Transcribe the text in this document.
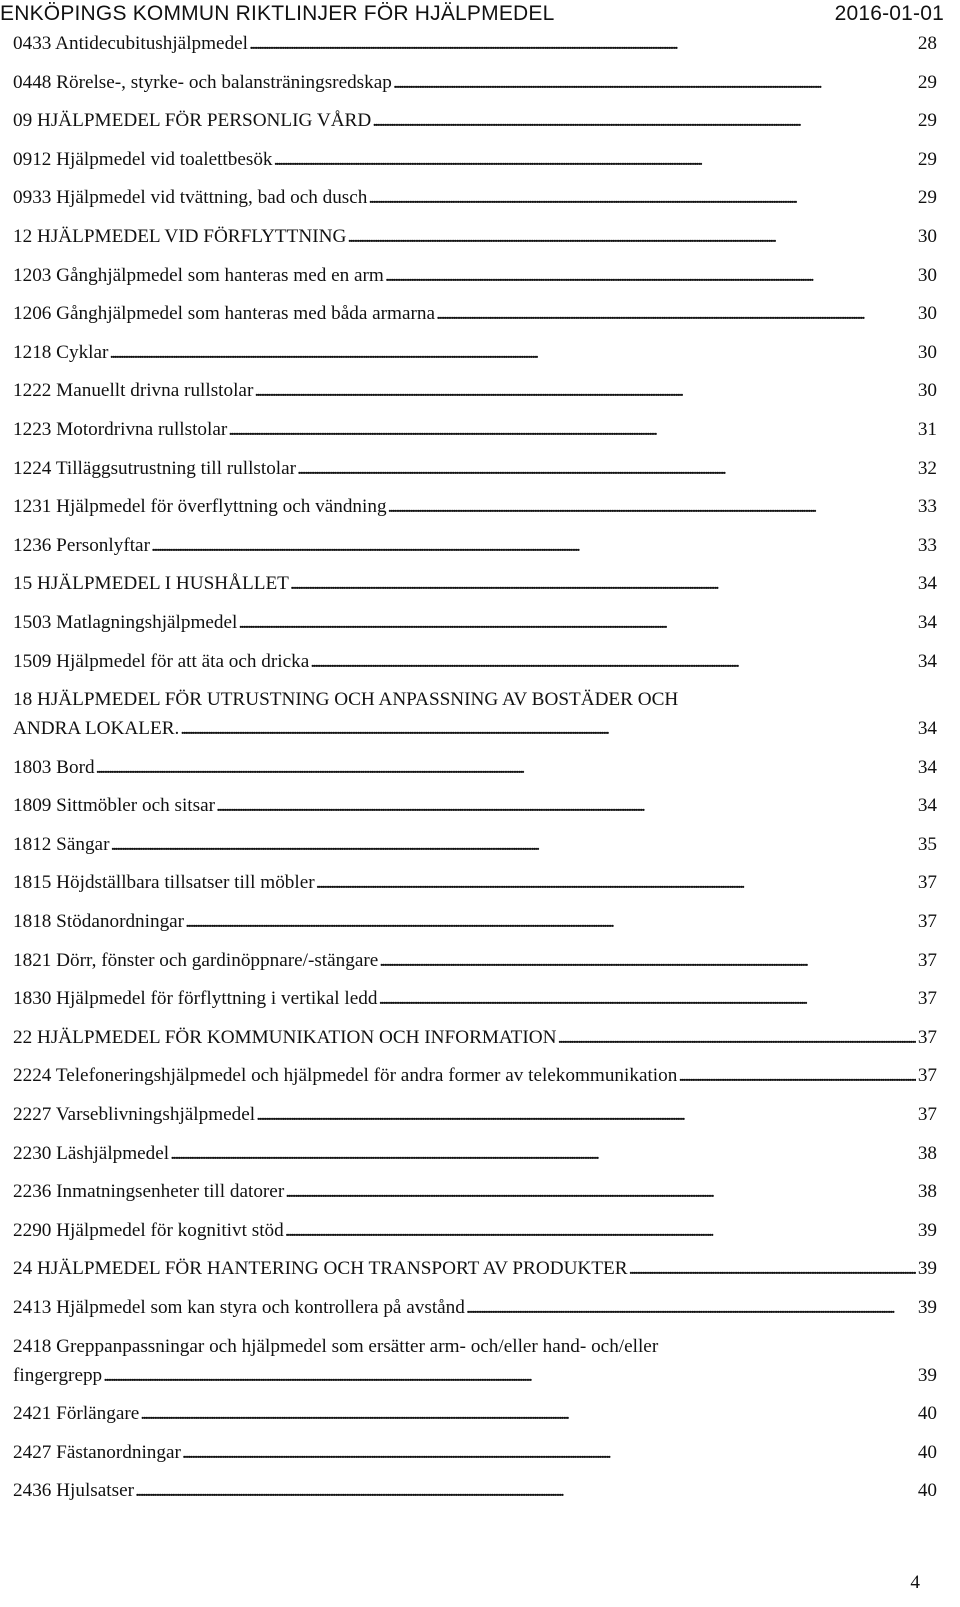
ENKÖPINGS KOMMUN RIKTLINJER FÖR HJÄLPMEDEL	2016-01-01
0433 Antidecubitushjälpmedel . . .	28
0448 Rörelse-, styrke- och balansträningsredskap . . .	29
09 HJÄLPMEDEL FÖR PERSONLIG VÅRD . . .	29
0912 Hjälpmedel vid toalettbesök . . .	29
0933 Hjälpmedel vid tvättning, bad och dusch . . .	29
12 HJÄLPMEDEL VID FÖRFLYTTNING . . .	30
1203 Gånghjälpmedel som hanteras med en arm . . .	30
1206 Gånghjälpmedel som hanteras med båda armarna . . .	30
1218 Cyklar . . .	30
1222 Manuellt drivna rullstolar . . .	30
1223 Motordrivna rullstolar . . .	31
1224 Tilläggsutrustning till rullstolar . . .	32
1231 Hjälpmedel för överflyttning och vändning . . .	33
1236 Personlyftar . . .	33
15 HJÄLPMEDEL I HUSHÅLLET . . .	34
1503 Matlagningshjälpmedel . . .	34
1509 Hjälpmedel för att äta och dricka . . .	34
18 HJÄLPMEDEL FÖR UTRUSTNING OCH ANPASSNING AV BOSTÄDER OCH
ANDRA LOKALER. . . .	34
1803 Bord . . .	34
1809 Sittmöbler och sitsar . . .	34
1812 Sängar . . .	35
1815 Höjdställbara tillsatser till möbler . . .	37
1818 Stödanordningar . . .	37
1821 Dörr, fönster och gardinöppnare/-stängare . . .	37
1830 Hjälpmedel för förflyttning i vertikal ledd . . .	37
22 HJÄLPMEDEL FÖR KOMMUNIKATION OCH INFORMATION . . .	37
2224 Telefoneringshjälpmedel och hjälpmedel för andra former av telekommunikation . . .	37
2227 Varseblivningshjälpmedel . . .	37
2230 Läshjälpmedel . . .	38
2236 Inmatningsenheter till datorer . . .	38
2290 Hjälpmedel för kognitivt stöd . . .	39
24 HJÄLPMEDEL FÖR HANTERING OCH TRANSPORT AV PRODUKTER . . .	39
2413 Hjälpmedel som kan styra och kontrollera på avstånd . . .	39
2418 Greppanpassningar och hjälpmedel som ersätter arm- och/eller hand- och/eller
fingergrepp . . .	39
2421 Förlängare . . .	40
2427 Fästanordningar . . .	40
2436 Hjulsatser . . .	40
4
